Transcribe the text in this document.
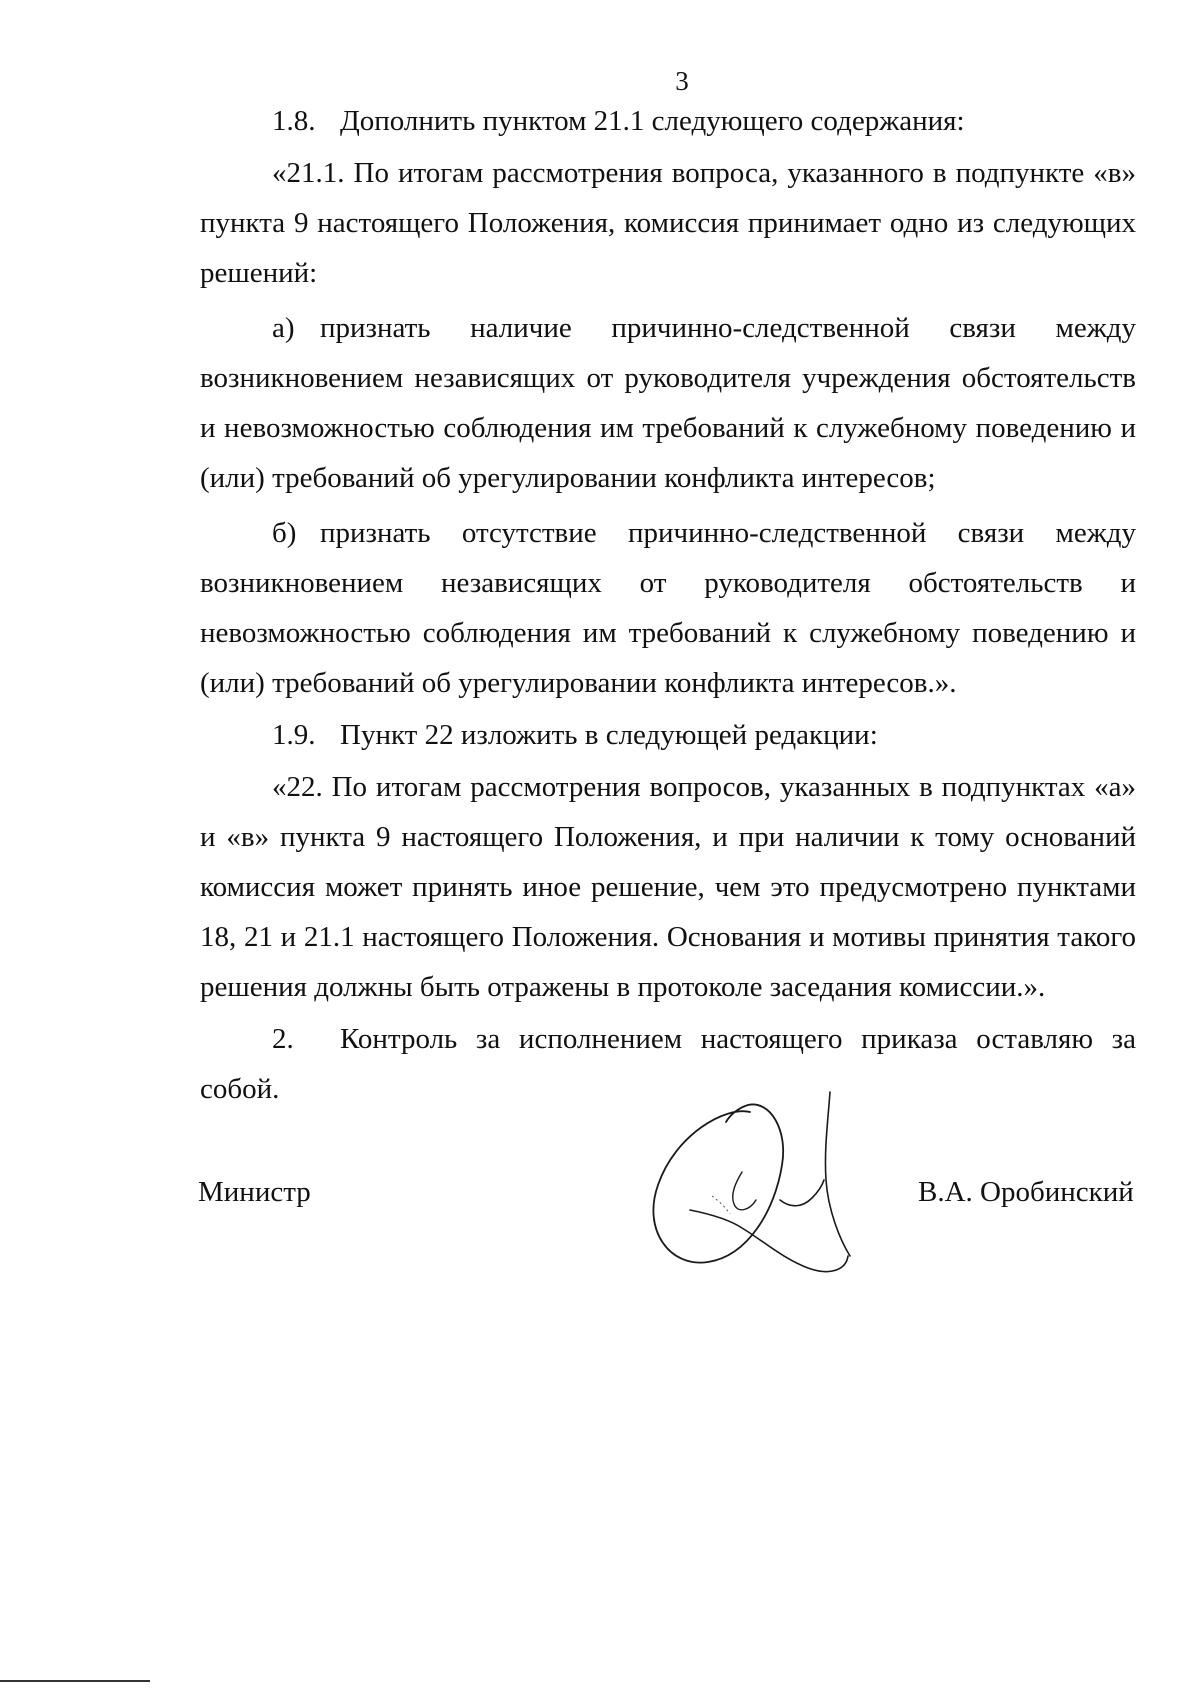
3

1.8. Дополнить пунктом 21.1 следующего содержания:

«21.1. По итогам рассмотрения вопроса, указанного в подпункте «в» пункта 9 настоящего Положения, комиссия принимает одно из следующих решений:

а) признать наличие причинно-следственной связи между возникновением независящих от руководителя учреждения обстоятельств и невозможностью соблюдения им требований к служебному поведению и (или) требований об урегулировании конфликта интересов;

б) признать отсутствие причинно-следственной связи между возникновением независящих от руководителя обстоятельств и невозможностью соблюдения им требований к служебному поведению и (или) требований об урегулировании конфликта интересов.».

1.9. Пункт 22 изложить в следующей редакции:

«22. По итогам рассмотрения вопросов, указанных в подпунктах «а» и «в» пункта 9 настоящего Положения, и при наличии к тому оснований комиссия может принять иное решение, чем это предусмотрено пунктами 18, 21 и 21.1 настоящего Положения. Основания и мотивы принятия такого решения должны быть отражены в протоколе заседания комиссии.».

2. Контроль за исполнением настоящего приказа оставляю за собой.

Министр	В.А. Оробинский
